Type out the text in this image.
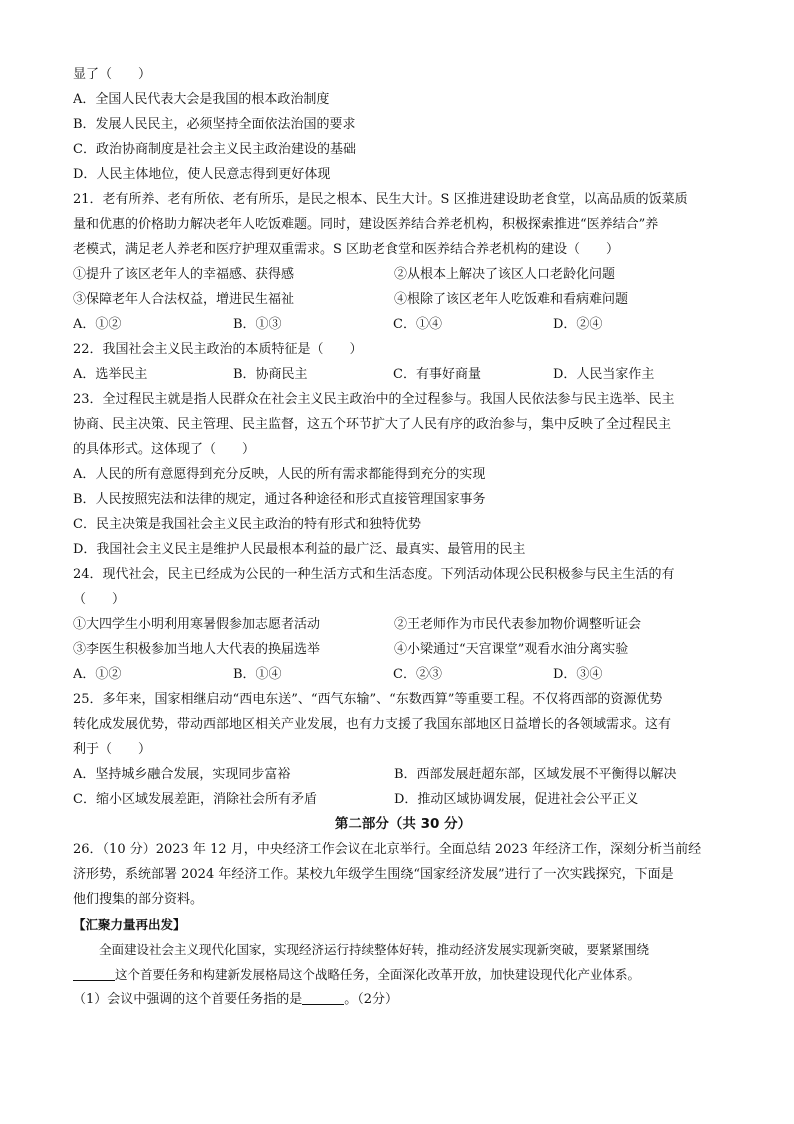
显了（　　）
A．全国人民代表大会是我国的根本政治制度
B．发展人民民主，必须坚持全面依法治国的要求
C．政治协商制度是社会主义民主政治建设的基础
D．人民主体地位，使人民意志得到更好体现
21．老有所养、老有所依、老有所乐，是民之根本、民生大计。S 区推进建设助老食堂，以高品质的饭菜质
量和优惠的价格助力解决老年人吃饭难题。同时，建设医养结合养老机构，积极探索推进“医养结合”养
老模式，满足老人养老和医疗护理双重需求。S 区助老食堂和医养结合养老机构的建设（　　）
①提升了该区老年人的幸福感、获得感	②从根本上解决了该区人口老龄化问题
③保障老年人合法权益，增进民生福祉	④根除了该区老年人吃饭难和看病难问题
A．①②	B．①③	C．①④	D．②④
22．我国社会主义民主政治的本质特征是（　　）
A．选举民主	B．协商民主	C．有事好商量	D．人民当家作主
23．全过程民主就是指人民群众在社会主义民主政治中的全过程参与。我国人民依法参与民主选举、民主
协商、民主决策、民主管理、民主监督，这五个环节扩大了人民有序的政治参与，集中反映了全过程民主
的具体形式。这体现了（　　）
A．人民的所有意愿得到充分反映，人民的所有需求都能得到充分的实现
B．人民按照宪法和法律的规定，通过各种途径和形式直接管理国家事务
C．民主决策是我国社会主义民主政治的特有形式和独特优势
D．我国社会主义民主是维护人民最根本利益的最广泛、最真实、最管用的民主
24．现代社会，民主已经成为公民的一种生活方式和生活态度。下列活动体现公民积极参与民主生活的有
（　　）
①大四学生小明利用寒暑假参加志愿者活动	②王老师作为市民代表参加物价调整听证会
③李医生积极参加当地人大代表的换届选举	④小梁通过“天宫课堂”观看水油分离实验
A．①②	B．①④	C．②③	D．③④
25．多年来，国家相继启动“西电东送”、“西气东输”、“东数西算”等重要工程。不仅将西部的资源优势
转化成发展优势，带动西部地区相关产业发展，也有力支援了我国东部地区日益增长的各领域需求。这有
利于（　　）
A．坚持城乡融合发展，实现同步富裕	B．西部发展赶超东部，区域发展不平衡得以解决
C．缩小区域发展差距，消除社会所有矛盾	D．推动区域协调发展，促进社会公平正义
第二部分（共 30 分）
26．（10 分）2023 年 12 月，中央经济工作会议在北京举行。全面总结 2023 年经济工作，深刻分析当前经
济形势，系统部署 2024 年经济工作。某校九年级学生围绕“国家经济发展”进行了一次实践探究，下面是
他们搜集的部分资料。
【汇聚力量再出发】
全面建设社会主义现代化国家，实现经济运行持续整体好转，推动经济发展实现新突破，要紧紧围绕
这个首要任务和构建新发展格局这个战略任务，全面深化改革开放，加快建设现代化产业体系。
（1）会议中强调的这个首要任务指的是	。（2分）
